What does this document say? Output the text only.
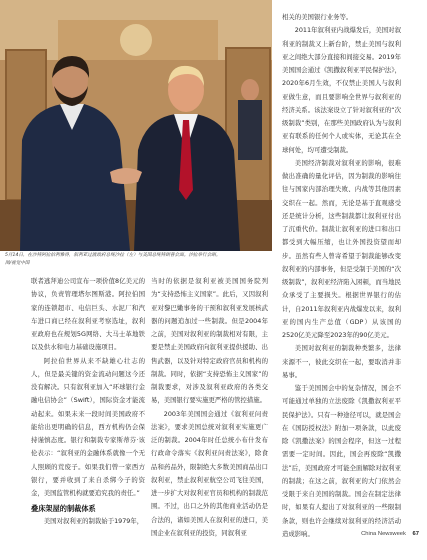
5月14日，在沙特阿拉伯利雅得，叙利亚过渡政府总统沙拉（左）与美国总统特朗普会面。沙拉举行会晤。
图/视觉中国

联者逃拜迪公司宣布一项价值8亿美元的协议，负责管理塔尔图斯港。阿拉伯国家的连锁超市、电信巨头、水泥厂和汽车进口商已经在叙利亚考察选址，叙利亚政府也在规划5G网络、大马士革地铁以及供水和电力基础设施项目。

阿拉伯世界从来不缺雄心壮志的人，但是最关键的资金流动问题这今还没有解决。只有叙利亚加入“环球银行金融电信协会”（Swift），国际资金才能流动起来。如果未来一段时间美国政府不能给出更明确的信息，西方机构仍会保持谨慎态度。银行和制裁专家斯蒂芬·该伦表示：“叙利亚的金融体系就像一个无人照顾的荒废子。如果我们曾一家西方银行，要并收到了来自杀绑今子的资金，美国监管机构就要追究我的责任。”

叠床架屋的制裁体系

美国对叙利亚的制裁始于1979年，

当时的依据是叙利亚被美国国务院列为“支持恐怖主义国家”。此后，又因叙利亚对黎巴嫩事务的干预和叙利亚发展核武器的问题追加过一些制裁。但是2004年之前，美国对叙利亚的制裁相对有限，主要是禁止美国政府向叙利亚提供援助、出售武器，以及针对特定政府官员和机构的制裁。同时，依据“支持恐怖主义国家”的制裁要求，对涉及叙利亚政府的各类交易，美国银行要实施更严格的管控措施。

2003年美国国会通过《叙利亚问责法案》，要求美国总统对叙利亚实施更广泛的制裁。2004年时任总统小布什发布行政命令落实《叙利亚问责法案》，除食品和药品外，限制绝大多数美国商品出口叙利亚，禁止叙利亚航空公司飞往美国，进一步扩大对叙利亚官员和机构的制裁范围。不过，出口之外的其他商业活动仍是合法的，诸如美国人在叙利亚的进口，美国企业在叙利亚的投资，同叙利亚

相关的美国银行业务等。

2011年叙利亚内战爆发后，美国对叙利亚的制裁又上新台阶，禁止美国与叙利亚之间绝大部分直接和间接交易。2019年美国国会通过《凯撒叙利亚平民保护法》，2020年6月生效，不仅禁止美国人与叙利亚做生意，而且要影响全世界与叙利亚的经济关系。该法案设立了针对叙利亚的“次级制裁”类别，在那些美国政府认为与叙利亚有联系的任何个人或实体，无论其在全球何处，均可遭受制裁。

美国经济制裁对叙利亚的影响，很难做出准确的量化评估，因为制裁的影响往往与国家内部治理失败、内战等其他因素交织在一起。然而，无论是基于直观感受还是统计分析，这些制裁都让叙利亚付出了沉重代价。制裁让叙利亚的进口和出口都受到大幅压缩，也让外国投资望而却步。虽然有些人曾寄希望于制裁能够改变叙利亚的内部事务，但是受制于美国的“次级制裁”，叙利亚经济陷入困顿，而当地民众承受了主要损失。根据世界银行的估计，自2011年叙利亚内战爆发以来，叙利亚的国内生产总值（GDP）从该国的2520亿美元降至2023年的90亿美元。

美国对叙利亚的制裁种类繁多，法律来源不一，彼此交织在一起，要取消并非易事。

鉴于美国国会中的复杂情况，国会不可能通过单独的立法废除《凯撒叙利亚平民保护法》。只有一种途径可以，就是国会在《国防授权法》附加一项条款，以此废除《凯撒法案》的国会程序，但这一过程需要一定时间。因此，国会再废除“凯撒法”后，美国政府才可能全面解除对叙利亚的制裁；在这之前，叙利亚的大门依然会受限于来自美国的制裁。国会在制定法律时，如果有人提出了对叙利亚的一些限制条款，则也许会继续对叙利亚的经济活动造成影响。	China Newsweek 67
